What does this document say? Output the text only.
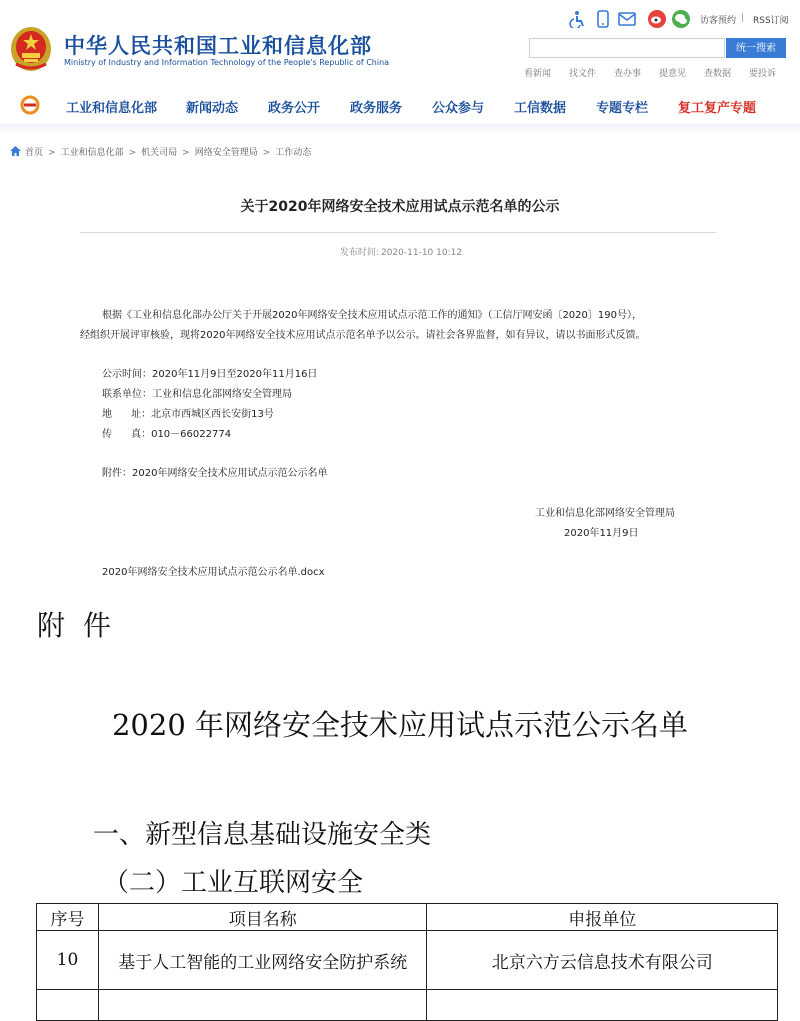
中华人民共和国工业和信息化部
Ministry of Industry and Information Technology of the People's Republic of China
访客预约 | RSS订阅
统一搜索
看新闻 找文件 查办事 提意见 查数据 要投诉
工业和信息化部 新闻动态 政务公开 政务服务 公众参与 工信数据 专题专栏 复工复产专题
首页 > 工业和信息化部 > 机关司局 > 网络安全管理局 > 工作动态
关于2020年网络安全技术应用试点示范名单的公示
发布时间: 2020-11-10 10:12
根据《工业和信息化部办公厅关于开展2020年网络安全技术应用试点示范工作的通知》（工信厅网安函〔2020〕190号），
经组织开展评审核验，现将2020年网络安全技术应用试点示范名单予以公示。请社会各界监督，如有异议，请以书面形式反馈。
公示时间：2020年11月9日至2020年11月16日
联系单位：工业和信息化部网络安全管理局
地      址：北京市西城区西长安街13号
传      真：010－66022774
附件：2020年网络安全技术应用试点示范公示名单
工业和信息化部网络安全管理局
2020年11月9日
2020年网络安全技术应用试点示范公示名单.docx
附件
2020 年网络安全技术应用试点示范公示名单
一、新型信息基础设施安全类
（二）工业互联网安全
序号	项目名称	申报单位
10	基于人工智能的工业网络安全防护系统	北京六方云信息技术有限公司
